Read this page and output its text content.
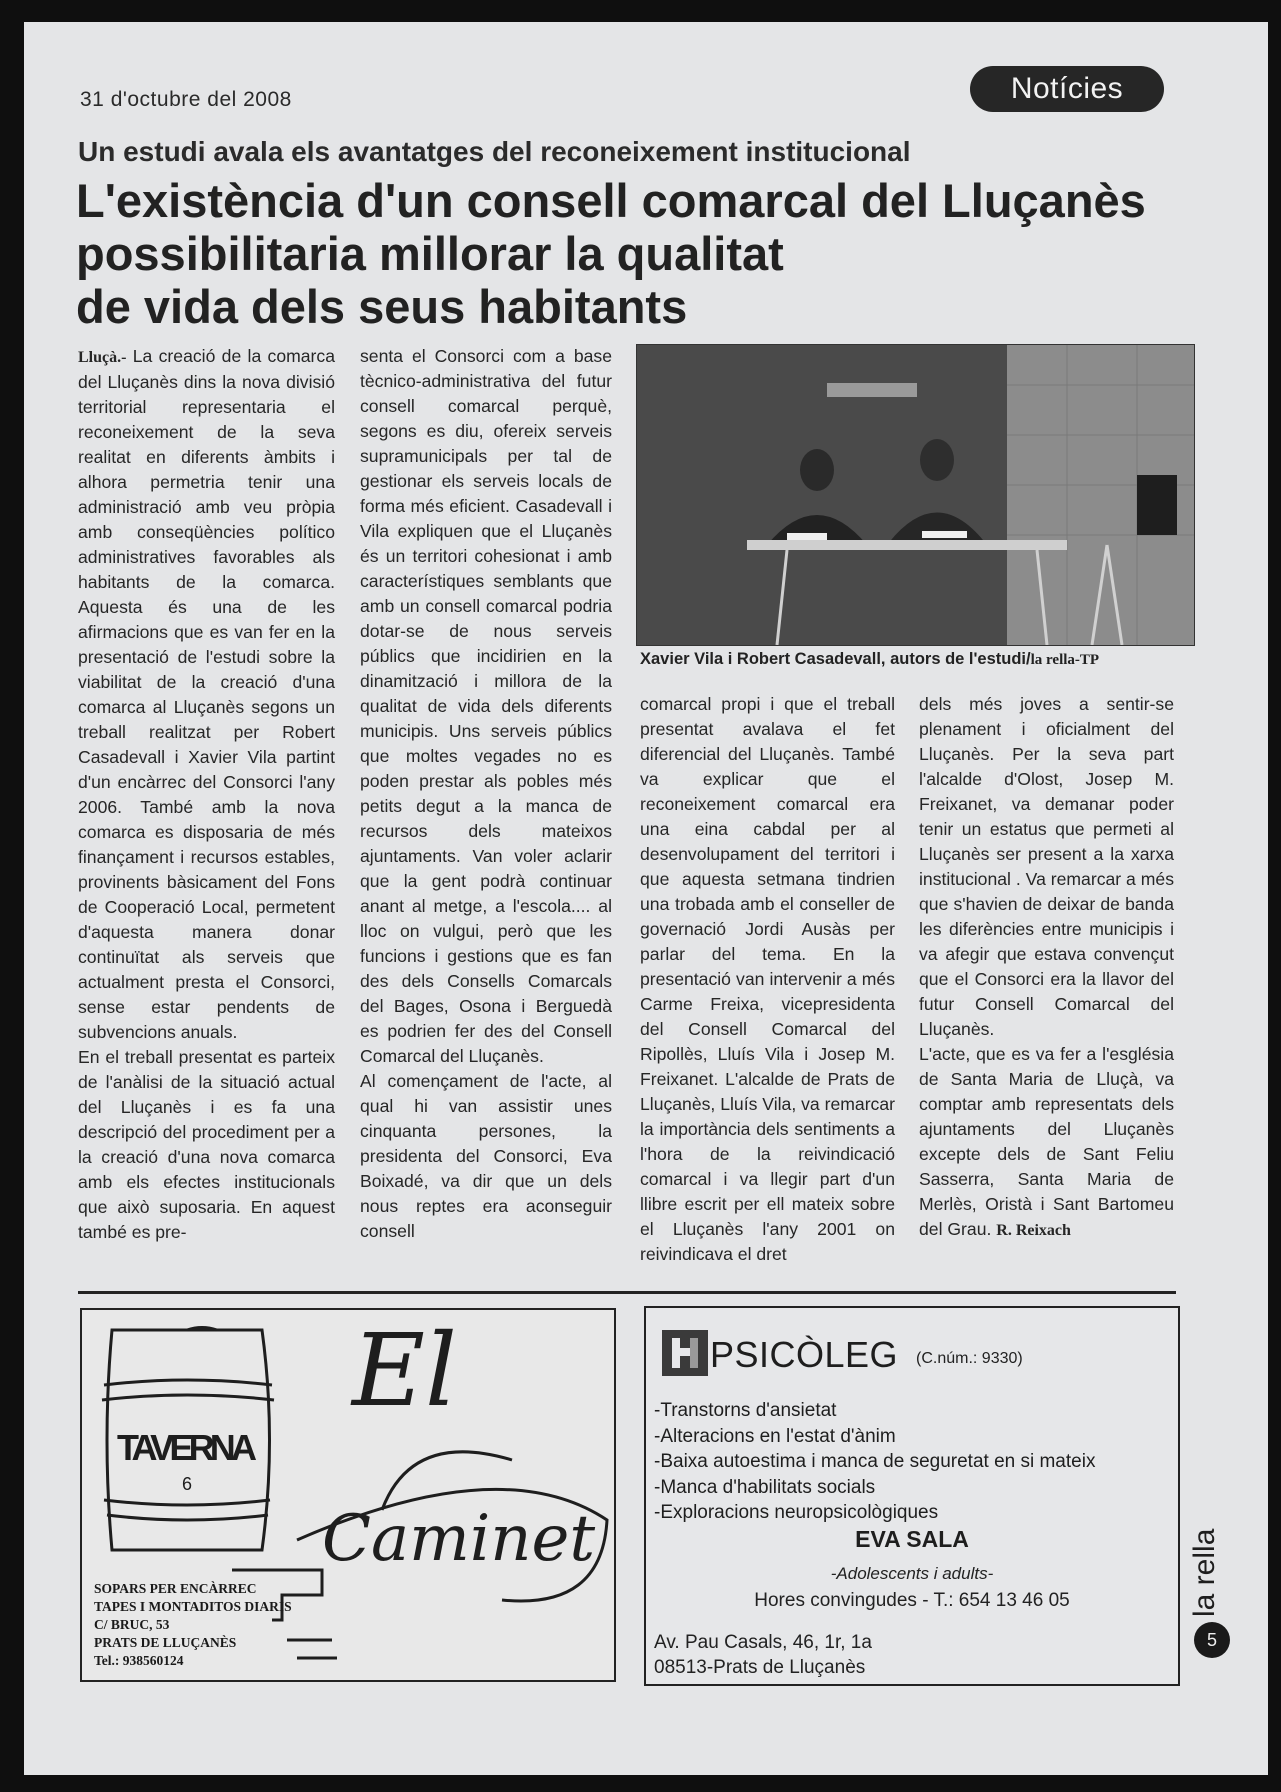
31 d'octubre del 2008	Notícies
Un estudi avala els avantatges del reconeixement institucional
L'existència d'un consell comarcal del Lluçanès
possibilitaria millorar la qualitat
de vida dels seus habitants

Lluçà.- La creació de la comarca del Lluçanès dins la nova divisió territorial representaria el reconeixement de la seva realitat en diferents àmbits i alhora permetria tenir una administració amb veu pròpia amb conseqüències político administratives favorables als habitants de la comarca. Aquesta és una de les afirmacions que es van fer en la presentació de l'estudi sobre la viabilitat de la creació d'una comarca al Lluçanès segons un treball realitzat per Robert Casadevall i Xavier Vila partint d'un encàrrec del Consorci l'any 2006. També amb la nova comarca es disposaria de més finançament i recursos estables, provinents bàsicament del Fons de Cooperació Local, permetent d'aquesta manera donar continuïtat als serveis que actualment presta el Consorci, sense estar pendents de subvencions anuals.

En el treball presentat es parteix de l'anàlisi de la situació actual del Lluçanès i es fa una descripció del procediment per a la creació d'una nova comarca amb els efectes institucionals que això suposaria. En aquest també es pre-

senta el Consorci com a base tècnico-administrativa del futur consell comarcal perquè, segons es diu, ofereix serveis supramunicipals per tal de gestionar els serveis locals de forma més eficient. Casadevall i Vila expliquen que el Lluçanès és un territori cohesionat i amb característiques semblants que amb un consell comarcal podria dotar-se de nous serveis públics que incidirien en la dinamització i millora de la qualitat de vida dels diferents municipis. Uns serveis públics que moltes vegades no es poden prestar als pobles més petits degut a la manca de recursos dels mateixos ajuntaments. Van voler aclarir que la gent podrà continuar anant al metge, a l'escola.... al lloc on vulgui, però que les funcions i gestions que es fan des dels Consells Comarcals del Bages, Osona i Berguedà es podrien fer des del Consell Comarcal del Lluçanès.

Al començament de l'acte, al qual hi van assistir unes cinquanta persones, la presidenta del Consorci, Eva Boixadé, va dir que un dels nous reptes era aconseguir consell

Xavier Vila i Robert Casadevall, autors de l'estudi/la rella-TP

comarcal propi i que el treball presentat avalava el fet diferencial del Lluçanès. També va explicar que el reconeixement comarcal era una eina cabdal per al desenvolupament del territori i que aquesta setmana tindrien una trobada amb el conseller de governació Jordi Ausàs per parlar del tema. En la presentació van intervenir a més Carme Freixa, vicepresidenta del Consell Comarcal del Ripollès, Lluís Vila i Josep M. Freixanet. L'alcalde de Prats de Lluçanès, Lluís Vila, va remarcar la importància dels sentiments a l'hora de la reivindicació comarcal i va llegir part d'un llibre escrit per ell mateix sobre el Lluçanès l'any 2001 on reivindicava el dret

dels més joves a sentir-se plenament i oficialment del Lluçanès. Per la seva part l'alcalde d'Olost, Josep M. Freixanet, va demanar poder tenir un estatus que permeti al Lluçanès ser present a la xarxa institucional . Va remarcar a més que s'havien de deixar de banda les diferències entre municipis i va afegir que estava convençut que el Consorci era la llavor del futur Consell Comarcal del Lluçanès.

L'acte, que es va fer a l'església de Santa Maria de Lluçà, va comptar amb representats dels ajuntaments del Lluçanès excepte dels de Sant Feliu Sasserra, Santa Maria de Merlès, Oristà i Sant Bartomeu del Grau. R. Reixach

TAVERNA
6
El
Caminet
SOPARS PER ENCÀRREC
TAPES I MONTADITOS DIARIS
C/ BRUC, 53
PRATS DE LLUÇANÈS
Tel.: 938560124
PSICÒLEG (C.núm.: 9330)
-Transtorns d'ansietat
-Alteracions en l'estat d'ànim
-Baixa autoestima i manca de seguretat en si mateix
-Manca d'habilitats socials
-Exploracions neuropsicològiques
EVA SALA
-Adolescents i adults-
Hores convingudes - T.: 654 13 46 05
Av. Pau Casals, 46, 1r, 1a
08513-Prats de Lluçanès
la rella
5
